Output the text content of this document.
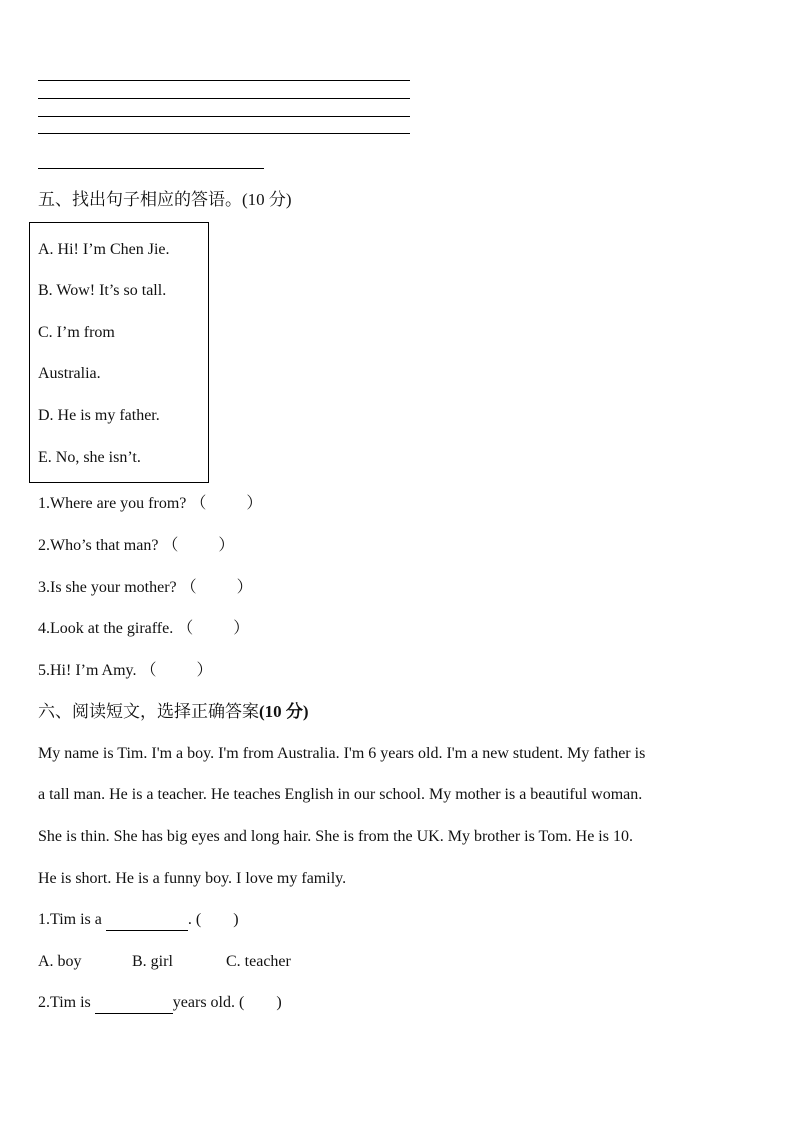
五、找出句子相应的答语。(10 分)
A. Hi! I’m Chen Jie.
B. Wow! It’s so tall.
C. I’m from
Australia.
D. He is my father.
E. No, she isn’t.
1.Where are you from? （          ）
2.Who’s that man? （          ）
3.Is she your mother? （          ）
4.Look at the giraffe. （          ）
5.Hi! I’m Amy. （          ）
六、阅读短文，选择正确答案(10 分)
My name is Tim. I'm a boy. I'm from Australia. I'm 6 years old. I'm a new student. My father is
a tall man. He is a teacher. He teaches English in our school. My mother is a beautiful woman.
She is thin. She has big eyes and long hair. She is from the UK. My brother is Tom. He is 10.
He is short. He is a funny boy. I love my family.
1.Tim is a	. (        )
A. boy	B. girl	C. teacher
2.Tim is	years old. (        )
